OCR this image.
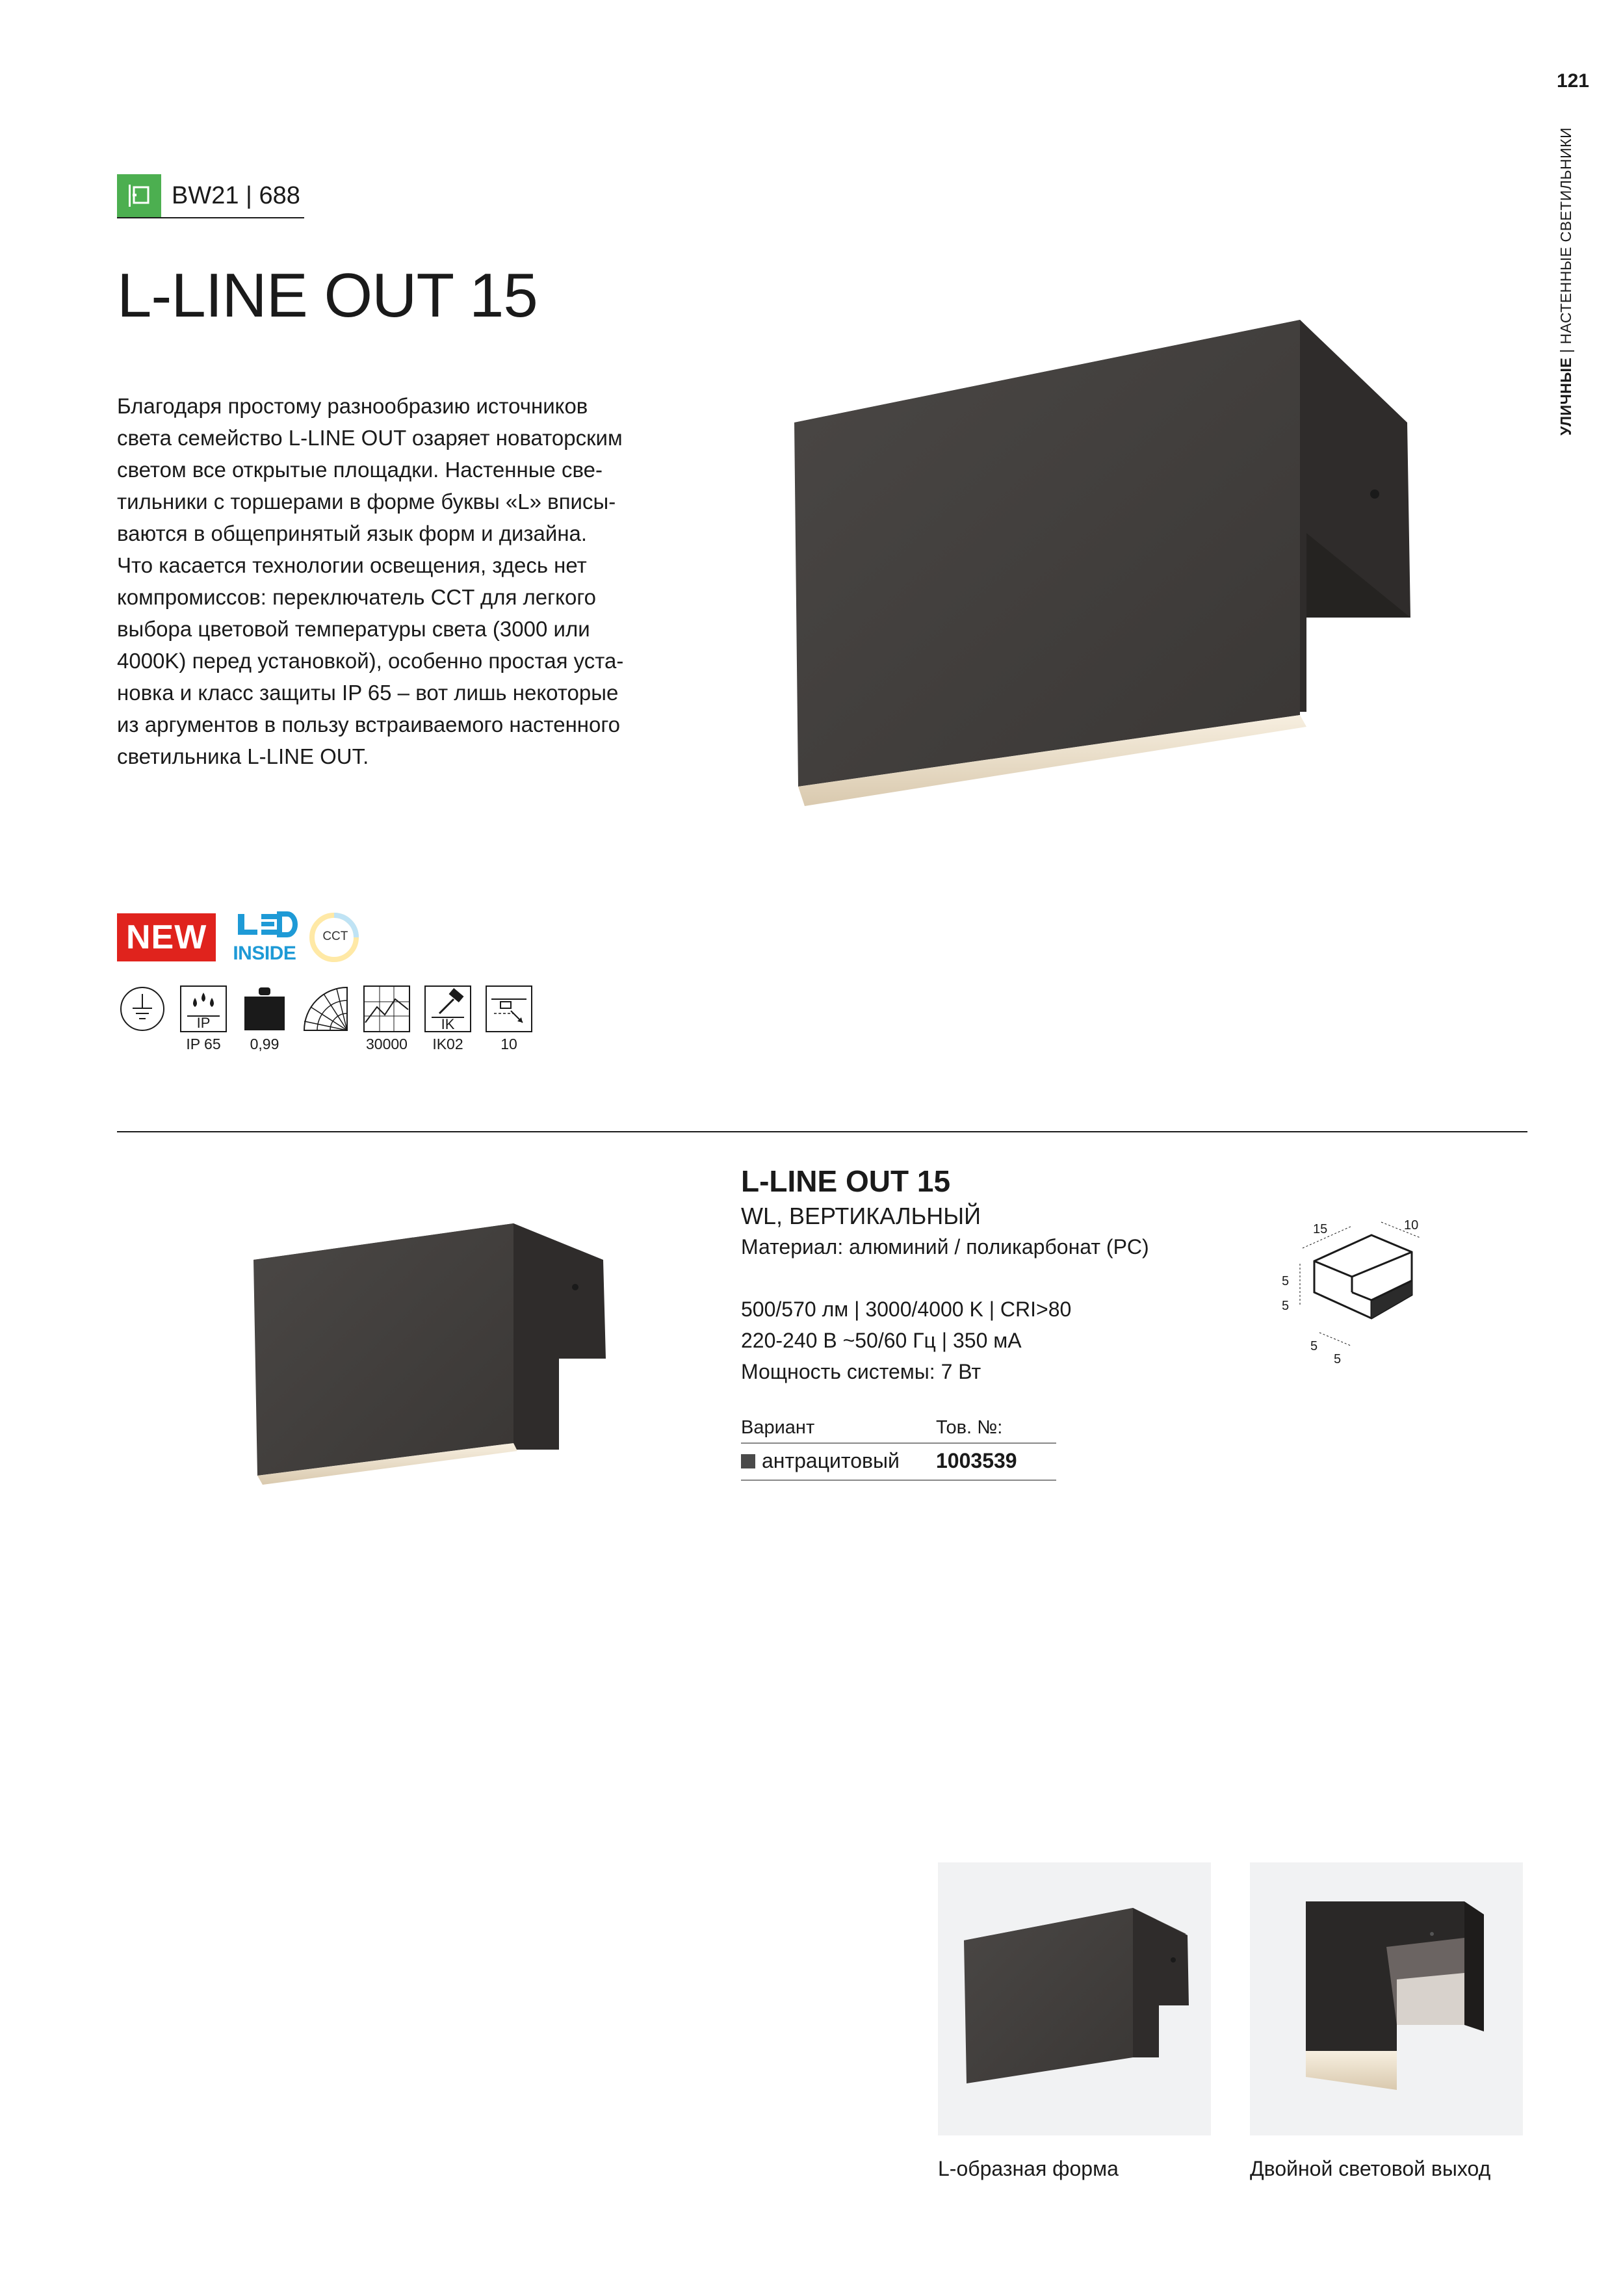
121
УЛИЧНЫЕ | НАСТЕННЫЕ СВЕТИЛЬНИКИ
BW21 | 688
L-LINE OUT 15
Благодаря простому разнообразию источников
света семейство L-LINE OUT озаряет новаторским
светом все открытые площадки. Настенные све-
тильники с торшерами в форме буквы «L» вписы-
ваются в общепринятый язык форм и дизайна.
Что касается технологии освещения, здесь нет
компромиссов: переключатель CCT для легкого
выбора цветовой температуры света (3000 или
4000K) перед установкой), особенно простая уста-
новка и класс защиты IP 65 – вот лишь некоторые
из аргументов в пользу встраиваемого настенного
светильника L-LINE OUT.
NEW	INSIDE
CCT
IP
IP 65 0,99	30000
IK
IK02	10
L-LINE OUT 15
WL, ВЕРТИКАЛЬНЫЙ
Материал: алюминий / поликарбонат (PC)
500/570 лм | 3000/4000 K | CRI>80
220-240 В ~50/60 Гц | 350 мА
Мощность системы: 7 Вт
Вариант	Тов. №:
антрацитовый 1003539
15	10
5
5
5
5
L-образная форма	Двойной световой выход
